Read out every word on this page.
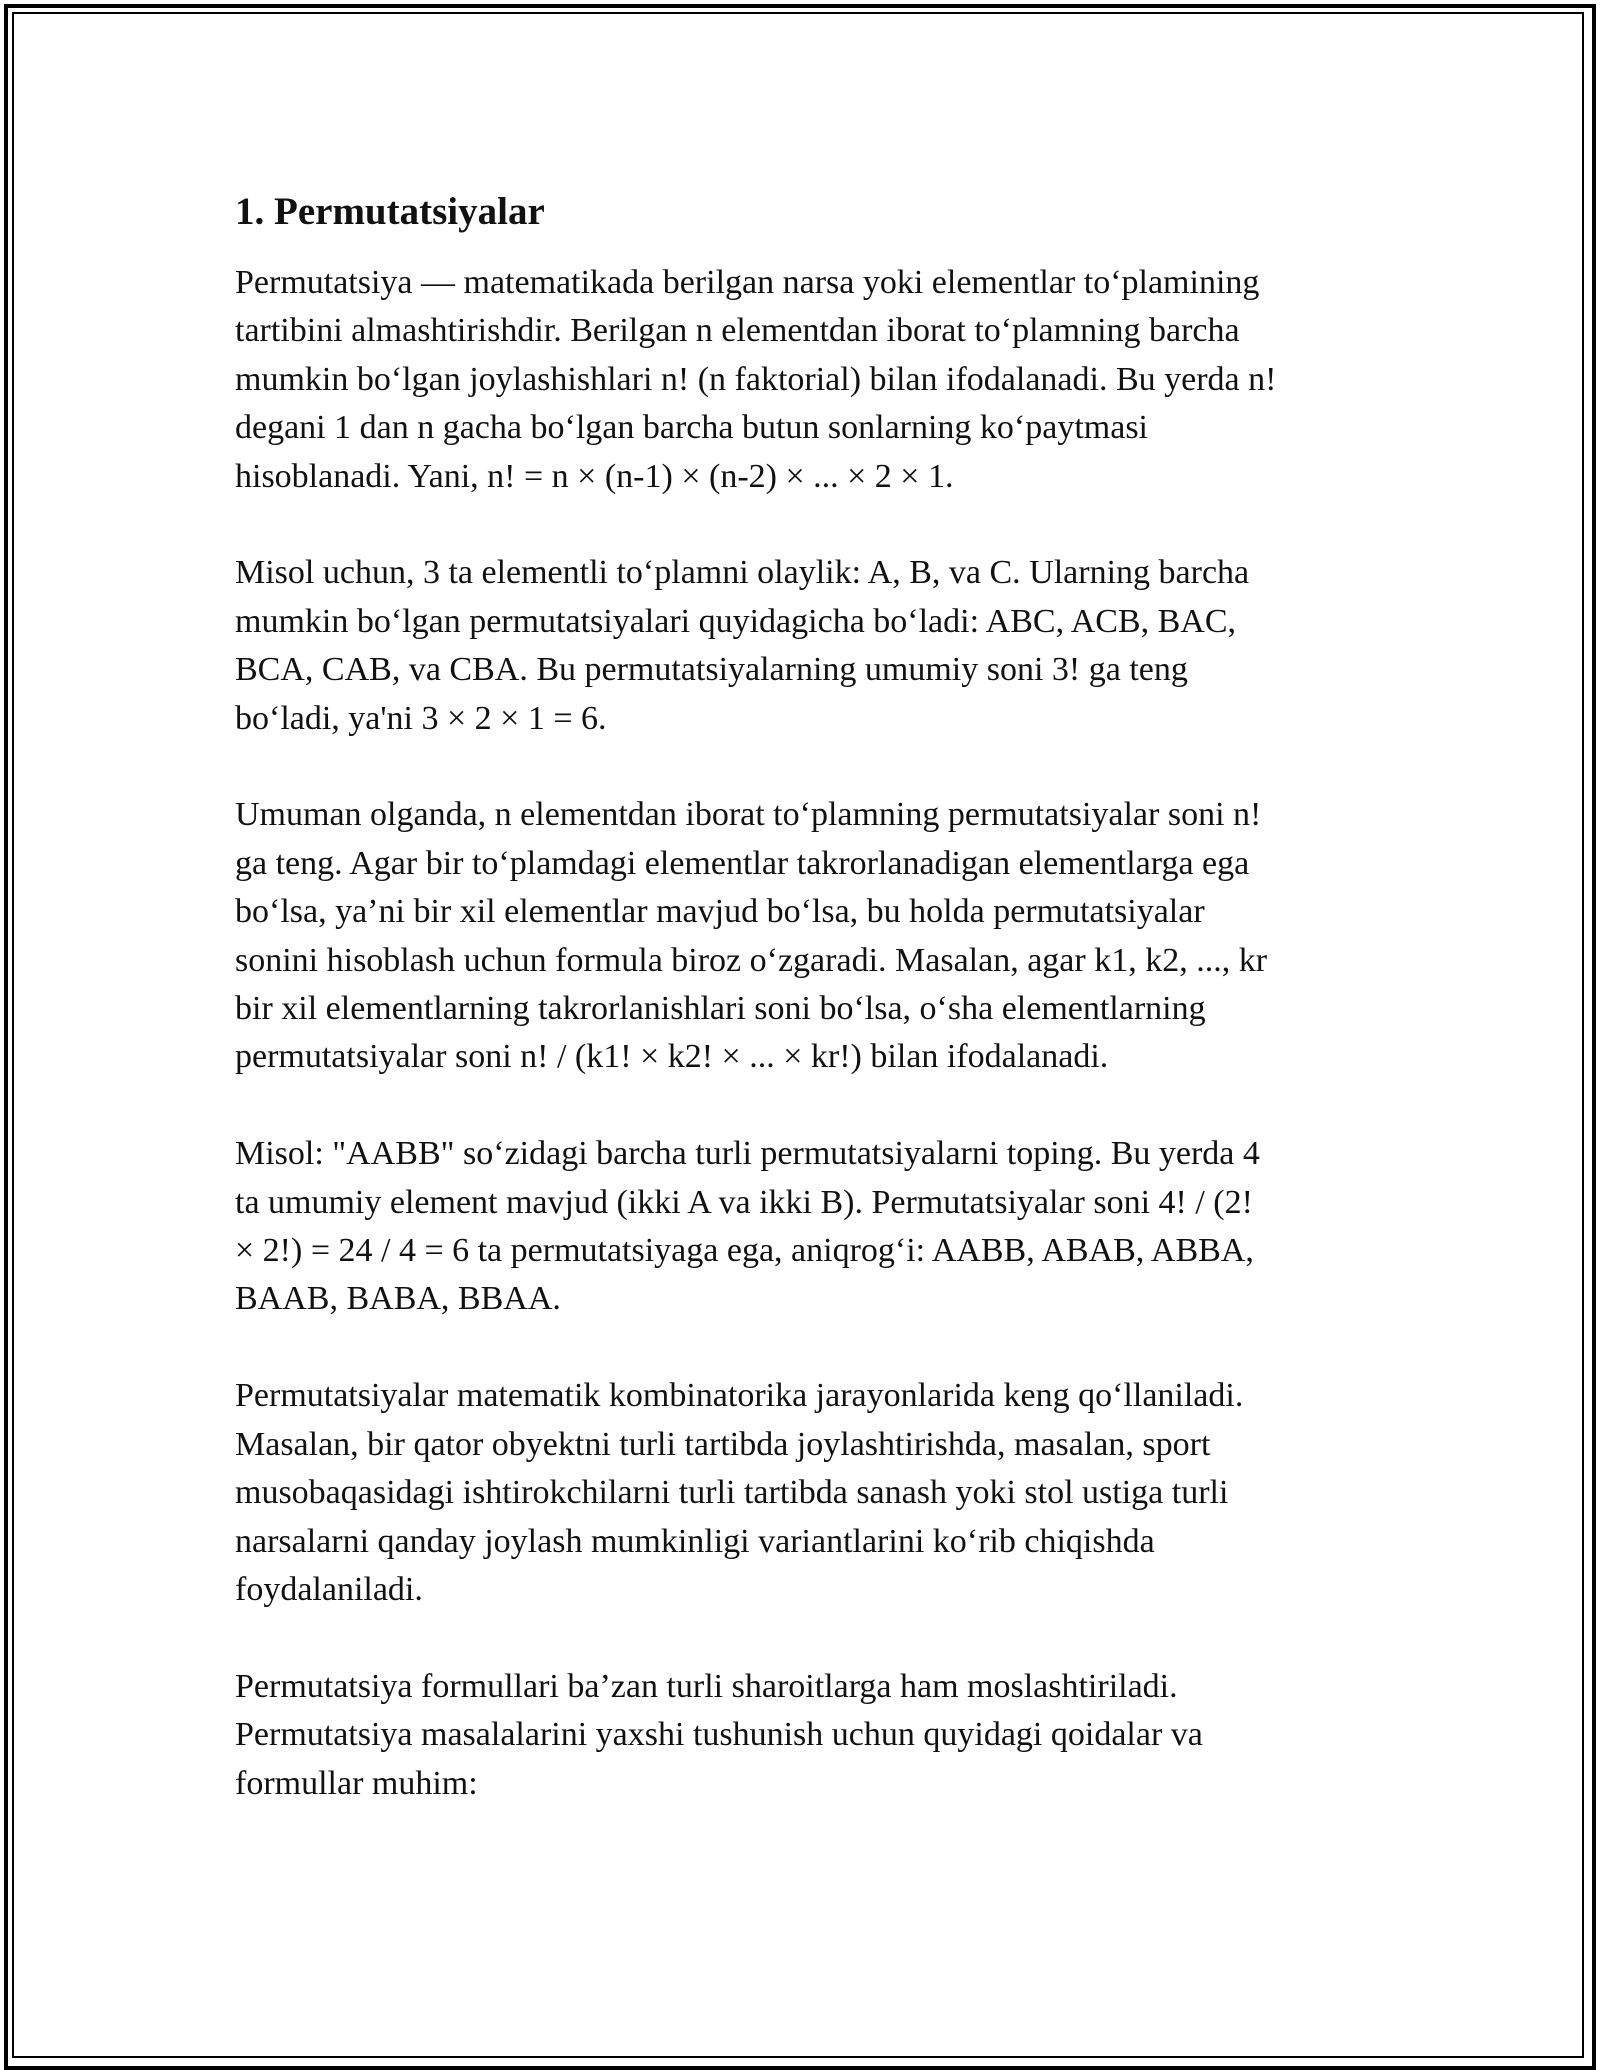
1. Permutatsiyalar

Permutatsiya — matematikada berilgan narsa yoki elementlar to‘plamining
tartibini almashtirishdir. Berilgan n elementdan iborat to‘plamning barcha
mumkin bo‘lgan joylashishlari n! (n faktorial) bilan ifodalanadi. Bu yerda n!
degani 1 dan n gacha bo‘lgan barcha butun sonlarning ko‘paytmasi
hisoblanadi. Yani, n! = n × (n-1) × (n-2) × ... × 2 × 1.

Misol uchun, 3 ta elementli to‘plamni olaylik: A, B, va C. Ularning barcha
mumkin bo‘lgan permutatsiyalari quyidagicha bo‘ladi: ABC, ACB, BAC,
BCA, CAB, va CBA. Bu permutatsiyalarning umumiy soni 3! ga teng
bo‘ladi, ya'ni 3 × 2 × 1 = 6.

Umuman olganda, n elementdan iborat to‘plamning permutatsiyalar soni n!
ga teng. Agar bir to‘plamdagi elementlar takrorlanadigan elementlarga ega
bo‘lsa, ya’ni bir xil elementlar mavjud bo‘lsa, bu holda permutatsiyalar
sonini hisoblash uchun formula biroz o‘zgaradi. Masalan, agar k1, k2, ..., kr
bir xil elementlarning takrorlanishlari soni bo‘lsa, o‘sha elementlarning
permutatsiyalar soni n! / (k1! × k2! × ... × kr!) bilan ifodalanadi.

Misol: "AABB" so‘zidagi barcha turli permutatsiyalarni toping. Bu yerda 4
ta umumiy element mavjud (ikki A va ikki B). Permutatsiyalar soni 4! / (2!
× 2!) = 24 / 4 = 6 ta permutatsiyaga ega, aniqrog‘i: AABB, ABAB, ABBA,
BAAB, BABA, BBAA.

Permutatsiyalar matematik kombinatorika jarayonlarida keng qo‘llaniladi.
Masalan, bir qator obyektni turli tartibda joylashtirishda, masalan, sport
musobaqasidagi ishtirokchilarni turli tartibda sanash yoki stol ustiga turli
narsalarni qanday joylash mumkinligi variantlarini ko‘rib chiqishda
foydalaniladi.

Permutatsiya formullari ba’zan turli sharoitlarga ham moslashtiriladi.
Permutatsiya masalalarini yaxshi tushunish uchun quyidagi qoidalar va
formullar muhim:
